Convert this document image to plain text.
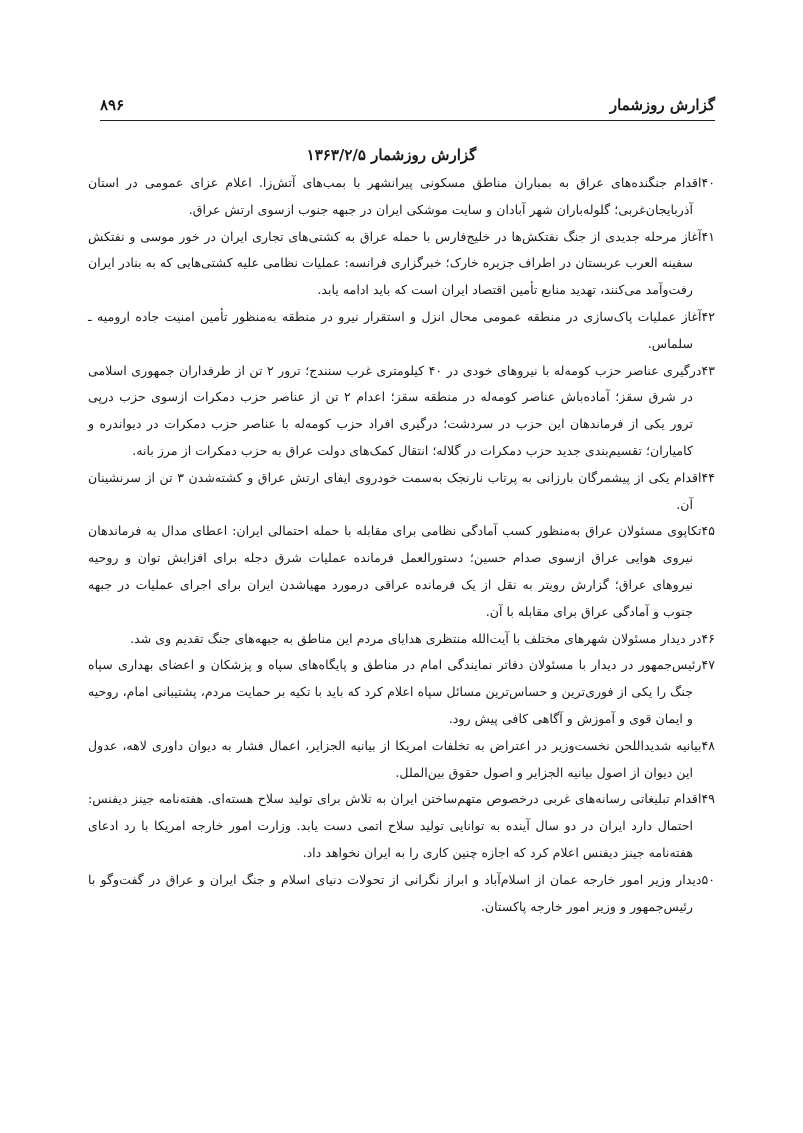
گزارش روزشمار
۸۹۶
گزارش روزشمار ۱۳۶۳/۲/۵

۴۰اقدام جنگنده‌های عراق به بمباران مناطق مسکونی پیرانشهر با بمب‌های آتش‌زا. اعلام عزای عمومی در استان آذربایجان‌غربی؛ گلوله‌باران شهر آبادان و سایت موشکی ایران در جبهه جنوب ازسوی ارتش عراق.

۴۱آغاز مرحله جدیدی از جنگ نفتکش‌ها در خلیج‌فارس با حمله عراق به کشتی‌های تجاری ایران در خور موسی و نفتکش سفینه العرب عربستان در اطراف جزیره خارک؛ خبرگزاری فرانسه: عملیات نظامی علیه کشتی‌هایی که به بنادر ایران رفت‌وآمد می‌کنند، تهدید منابع تأمین اقتصاد ایران است که باید ادامه یابد.

۴۲آغاز عملیات پاک‌سازی در منطقه عمومی محال انزل و استقرار نیرو در منطقه به‌منظور تأمین امنیت جاده ارومیه ـ سلماس.

۴۳درگیری عناصر حزب کومه‌له با نیروهای خودی در ۴۰ کیلومتری غرب سنندج؛ ترور ۲ تن از طرفداران جمهوری اسلامی در شرق سقز؛ آماده‌باش عناصر کومه‌له در منطقه سقز؛ اعدام ۲ تن از عناصر حزب دمکرات ازسوی حزب درپی ترور یکی از فرماندهان این حزب در سردشت؛ درگیری افراد حزب کومه‌له با عناصر حزب دمکرات در دیواندره و کامیاران؛ تقسیم‌بندی جدید حزب دمکرات در گلاله؛ انتقال کمک‌های دولت عراق به حزب دمکرات از مرز بانه.

۴۴اقدام یکی از پیشمرگان بارزانی به پرتاب نارنجک به‌سمت خودروی ایفای ارتش عراق و کشته‌شدن ۳ تن از سرنشینان آن.

۴۵تکاپوی مسئولان عراق به‌منظور کسب آمادگی نظامی برای مقابله با حمله احتمالی ایران: اعطای مدال به فرماندهان نیروی هوایی عراق ازسوی صدام حسین؛ دستورالعمل فرمانده عملیات شرق دجله برای افزایش توان و روحیه نیروهای عراق؛ گزارش رویتر به نقل از یک فرمانده عراقی درمورد مهیاشدن ایران برای اجرای عملیات در جبهه جنوب و آمادگی عراق برای مقابله با آن.

۴۶در دیدار مسئولان شهرهای مختلف با آیت‌الله منتظری هدایای مردم این مناطق به جبهه‌های جنگ تقدیم وی شد.

۴۷رئیس‌جمهور در دیدار با مسئولان دفاتر نمایندگی امام در مناطق و پایگاه‌های سپاه و پزشکان و اعضای بهداری سپاه جنگ را یکی از فوری‌ترین و حساس‌ترین مسائل سپاه اعلام کرد که باید با تکیه بر حمایت مردم، پشتیبانی امام، روحیه و ایمان قوی و آموزش و آگاهی کافی پیش رود.

۴۸بیانیه شدیداللحن نخست‌وزیر در اعتراض به تخلفات امریکا از بیانیه الجزایر، اعمال فشار به دیوان داوری لاهه، عدول این دیوان از اصول بیانیه الجزایر و اصول حقوق بین‌الملل.

۴۹اقدام تبلیغاتی رسانه‌های غربی درخصوص متهم‌ساختن ایران به تلاش برای تولید سلاح هسته‌ای. هفته‌نامه جینز دیفنس: احتمال دارد ایران در دو سال آینده به توانایی تولید سلاح اتمی دست یابد. وزارت امور خارجه امریکا با رد ادعای هفته‌نامه جینز دیفنس اعلام کرد که اجازه چنین کاری را به ایران نخواهد داد.

۵۰دیدار وزیر امور خارجه عمان از اسلام‌آباد و ابراز نگرانی از تحولات دنیای اسلام و جنگ ایران و عراق در گفت‌وگو با رئیس‌جمهور و وزیر امور خارجه پاکستان.
